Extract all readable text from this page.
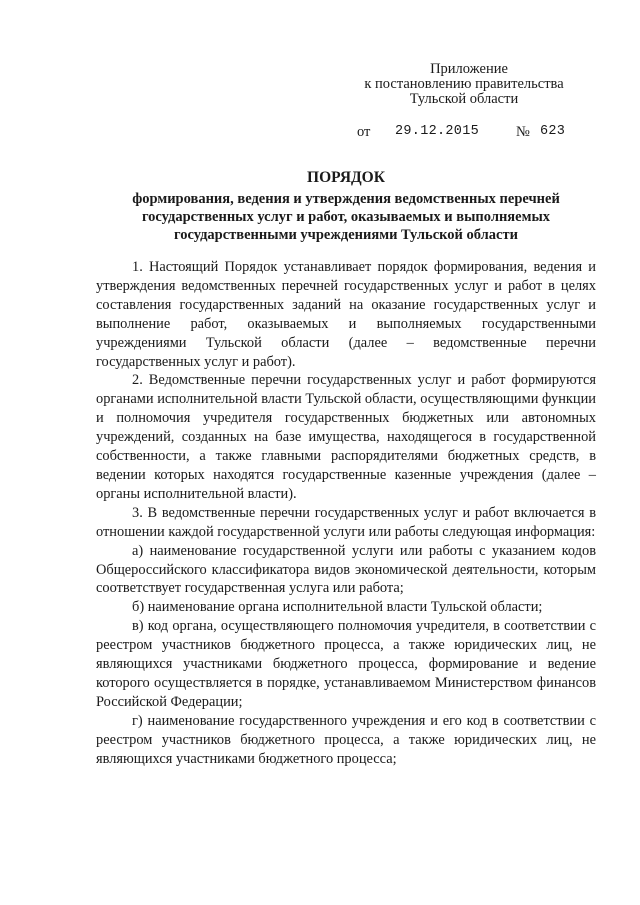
Приложение
к постановлению правительства
Тульской области
от 29.12.2015	№ 623
ПОРЯДОК
формирования, ведения и утверждения ведомственных перечней
государственных услуг и работ, оказываемых и выполняемых
государственными учреждениями Тульской области

1. Настоящий Порядок устанавливает порядок формирования, ведения и утверждения ведомственных перечней государственных услуг и работ в целях составления государственных заданий на оказание государственных услуг и выполнение работ, оказываемых и выполняемых государственными учреждениями Тульской области (далее – ведомственные перечни государственных услуг и работ).

2. Ведомственные перечни государственных услуг и работ формируются органами исполнительной власти Тульской области, осуществляющими функции и полномочия учредителя государственных бюджетных или автономных учреждений, созданных на базе имущества, находящегося в государственной собственности, а также главными распорядителями бюджетных средств, в ведении которых находятся государственные казенные учреждения (далее – органы исполнительной власти).

3. В ведомственные перечни государственных услуг и работ включается в отношении каждой государственной услуги или работы следующая информация:

а) наименование государственной услуги или работы с указанием кодов Общероссийского классификатора видов экономической деятельности, которым соответствует государственная услуга или работа;

б) наименование органа исполнительной власти Тульской области;

в) код органа, осуществляющего полномочия учредителя, в соответствии с реестром участников бюджетного процесса, а также юридических лиц, не являющихся участниками бюджетного процесса, формирование и ведение которого осуществляется в порядке, устанавливаемом Министерством финансов Российской Федерации;

г) наименование государственного учреждения и его код в соответствии с реестром участников бюджетного процесса, а также юридических лиц, не являющихся участниками бюджетного процесса;
